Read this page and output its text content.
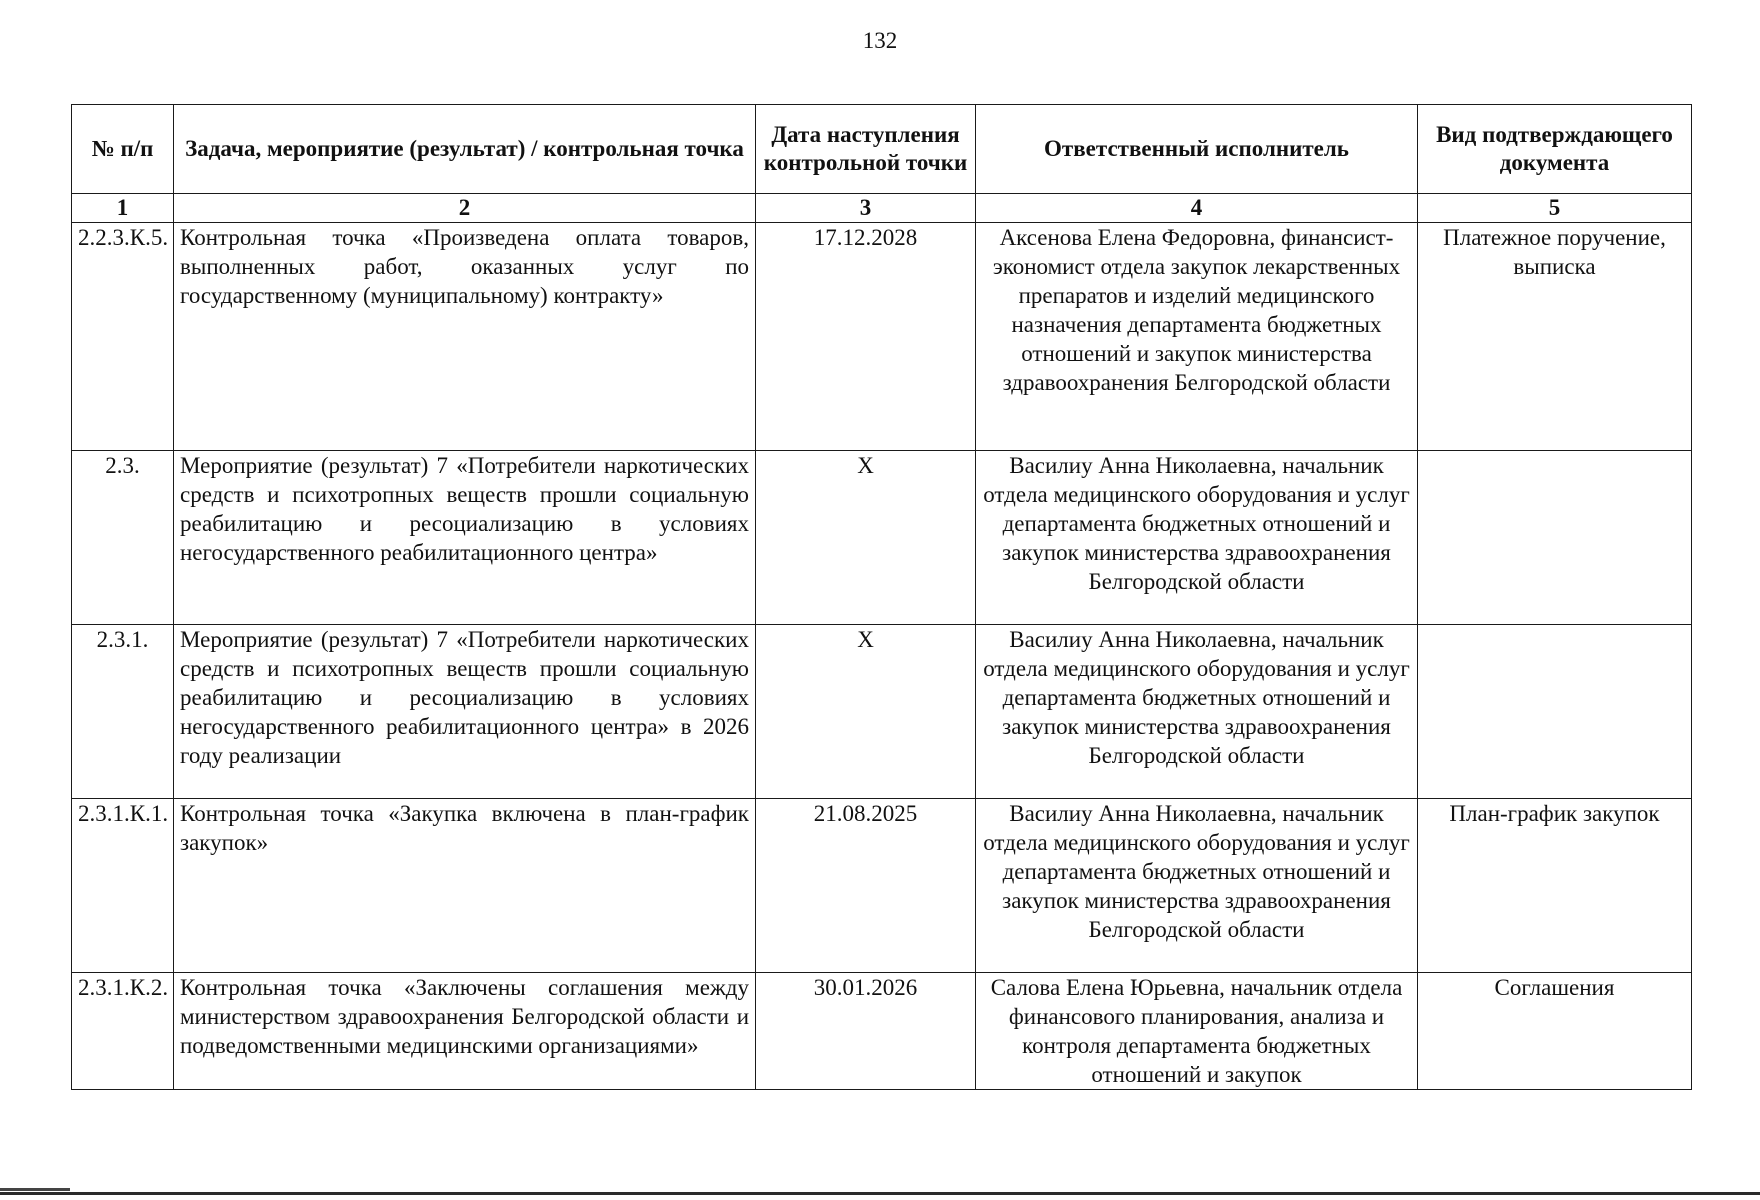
132
№ п/п	Задача, мероприятие (результат) / контрольная точка	Дата наступления контрольной точки	Ответственный исполнитель	Вид подтверждающего документа
1	2	3	4	5
2.2.3.К.5.	Контрольная точка «Произведена оплата товаров, выполненных работ, оказанных услуг по государственному (муниципальному) контракту»	17.12.2028	Аксенова Елена Федоровна, финансист-экономист отдела закупок лекарственных препаратов и изделий медицинского назначения департамента бюджетных отношений и закупок министерства здравоохранения Белгородской области	Платежное поручение, выписка
2.3.	Мероприятие (результат) 7 «Потребители наркотических средств и психотропных веществ прошли социальную реабилитацию и ресоциализацию в условиях негосударственного реабилитационного центра»	X	Василиу Анна Николаевна, начальник отдела медицинского оборудования и услуг департамента бюджетных отношений и закупок министерства здравоохранения Белгородской области	
2.3.1.	Мероприятие (результат) 7 «Потребители наркотических средств и психотропных веществ прошли социальную реабилитацию и ресоциализацию в условиях негосударственного реабилитационного центра» в 2026 году реализации	X	Василиу Анна Николаевна, начальник отдела медицинского оборудования и услуг департамента бюджетных отношений и закупок министерства здравоохранения Белгородской области	
2.3.1.К.1.	Контрольная точка «Закупка включена в план-график закупок»	21.08.2025	Василиу Анна Николаевна, начальник отдела медицинского оборудования и услуг департамента бюджетных отношений и закупок министерства здравоохранения Белгородской области	План-график закупок
2.3.1.К.2.	Контрольная точка «Заключены соглашения между министерством здравоохранения Белгородской области и подведомственными медицинскими организациями»	30.01.2026	Салова Елена Юрьевна, начальник отдела финансового планирования, анализа и контроля департамента бюджетных отношений и закупок	Соглашения
